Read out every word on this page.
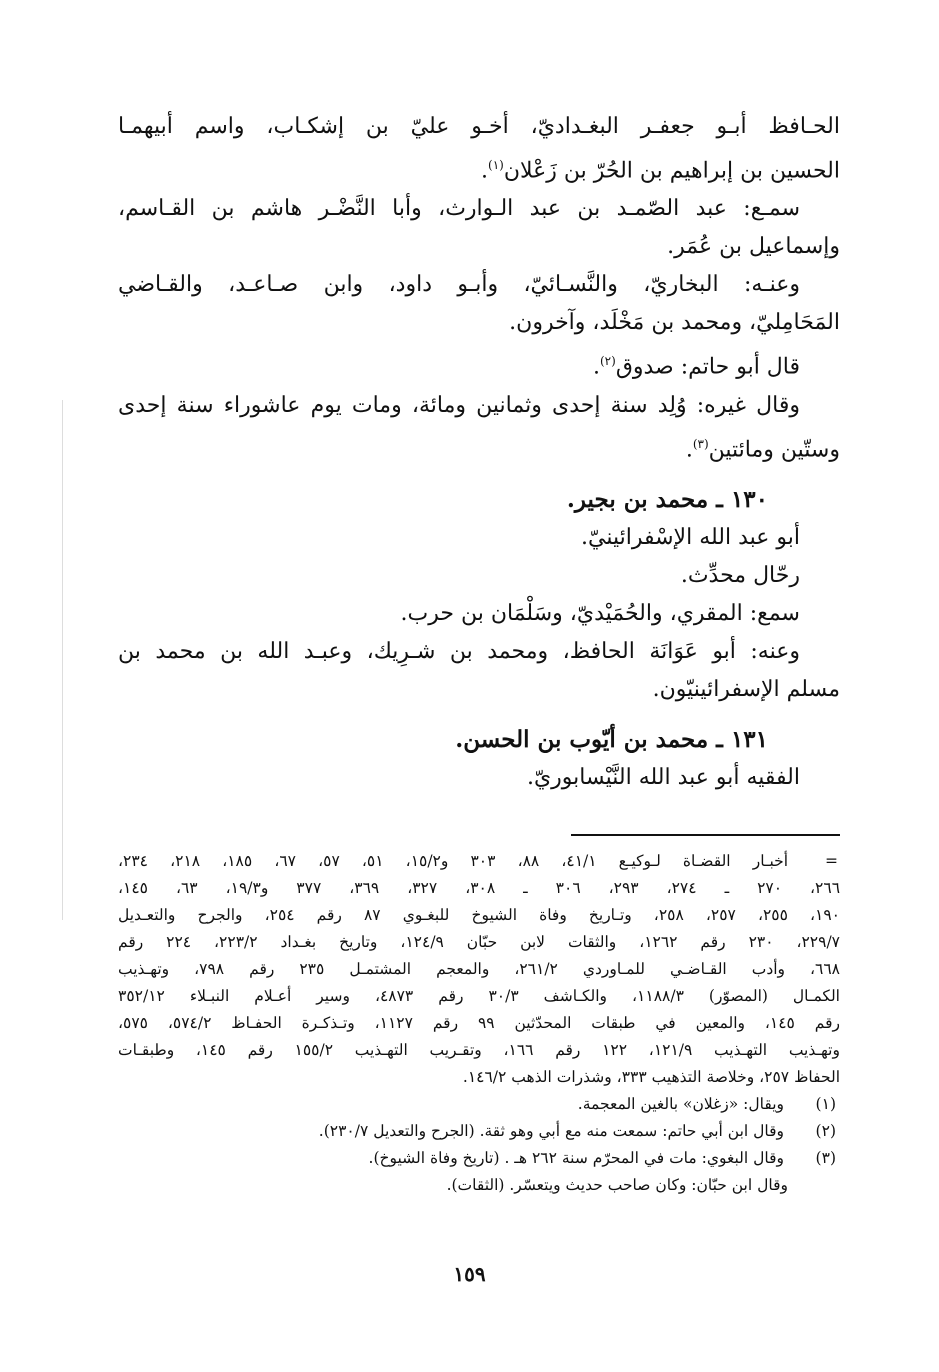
الحـافظ أبـو جعفـر البغـداديّ، أخـو عليّ بن إشكـاب، واسم أبيهمـا
الحسين بن إبراهيم بن الحُرّ بن زَعْلان$^{(١)}$.
سمـع: عبد الصّمـد بن عبد الـوارث، وأبا النَّضْـر هاشم بن القـاسم،
وإسماعيل بن عُمَر.
وعنـه: البخاريّ، والنَّسـائيّ، وأبـو داود، وابن صـاعـد، والقـاضي
المَحَامِليّ، ومحمد بن مَخْلَد، وآخرون.
قال أبو حاتم: صدوق$^{(٢)}$.
وقال غيره: وُلِد سنة إحدى وثمانين ومائة، ومات يوم عاشوراء سنة إحدى
وستّين ومائتين$^{(٣)}$.
١٣٠ ـ محمد بن بجير.
أبو عبد الله الإسْفرائينيّ.
رحّال محدِّث.
سمع: المقري، والحُمَيْديّ، وسَلْمَان بن حرب.
وعنه: أبو عَوَانَة الحافظ، ومحمد بن شـرِيك، وعبـد الله بن محمد بن
مسلم الإسفرائينيّون.
١٣١ ـ محمد بن أيّوب بن الحسن.
الفقيه أبو عبد الله النَّيْسابوريّ.
=
أخبـار القضـاة لـوكيـع ٤١/١، ٨٨، ٣٠٣ و١٥/٢، ٥١، ٥٧، ٦٧، ١٨٥، ٢١٨، ٢٣٤،
٢٦٦، ٢٧٠ ـ ٢٧٤، ٢٩٣، ٣٠٦ ـ ٣٠٨، ٣٢٧، ٣٦٩، ٣٧٧ و١٩/٣، ٦٣، ١٤٥،
١٩٠، ٢٥٥، ٢٥٧، ٢٥٨، وتـاريخ وفاة الشيوخ للبغـوي ٨٧ رقم ٢٥٤، والجرح والتعـديل
٢٢٩/٧، ٢٣٠ رقم ١٢٦٢، والثقات لابن حبّان ١٢٤/٩، وتاريخ بغـداد ٢٢٣/٢، ٢٢٤ رقم
٦٦٨، وأدب القـاضـي للمـاوردي ٢٦١/٢، والمعجم المشتمـل ٢٣٥ رقم ٧٩٨، وتهـذيب
الكمـال (المصوّر) ١١٨٨/٣، والكـاشف ٣٠/٣ رقم ٤٨٧٣، وسير أعـلام النبـلاء ٣٥٢/١٢
رقم ١٤٥، والمعين في طبقات المحدّثين ٩٩ رقم ١١٢٧، وتـذكـرة الحفـاظ ٥٧٤/٢، ٥٧٥،
وتهـذيب التهـذيب ١٢١/٩، ١٢٢ رقم ١٦٦، وتقـريب التهـذيب ١٥٥/٢ رقم ١٤٥، وطبقـات
الحفاظ ٢٥٧، وخلاصة التذهيب ٣٣٣، وشذرات الذهب ١٤٦/٢.
(١)
ويقال: «زغلان» بالغين المعجمة.
(٢)
وقال ابن أبي حاتم: سمعت منه مع أبي وهو ثقة. (الجرح والتعديل ٢٣٠/٧).
(٣)
وقال البغوي: مات في المحرّم سنة ٢٦٢ هـ . (تاريخ وفاة الشيوخ).
وقال ابن حبّان: وكان صاحب حديث ويتعسّر. (الثقات).
١٥٩
